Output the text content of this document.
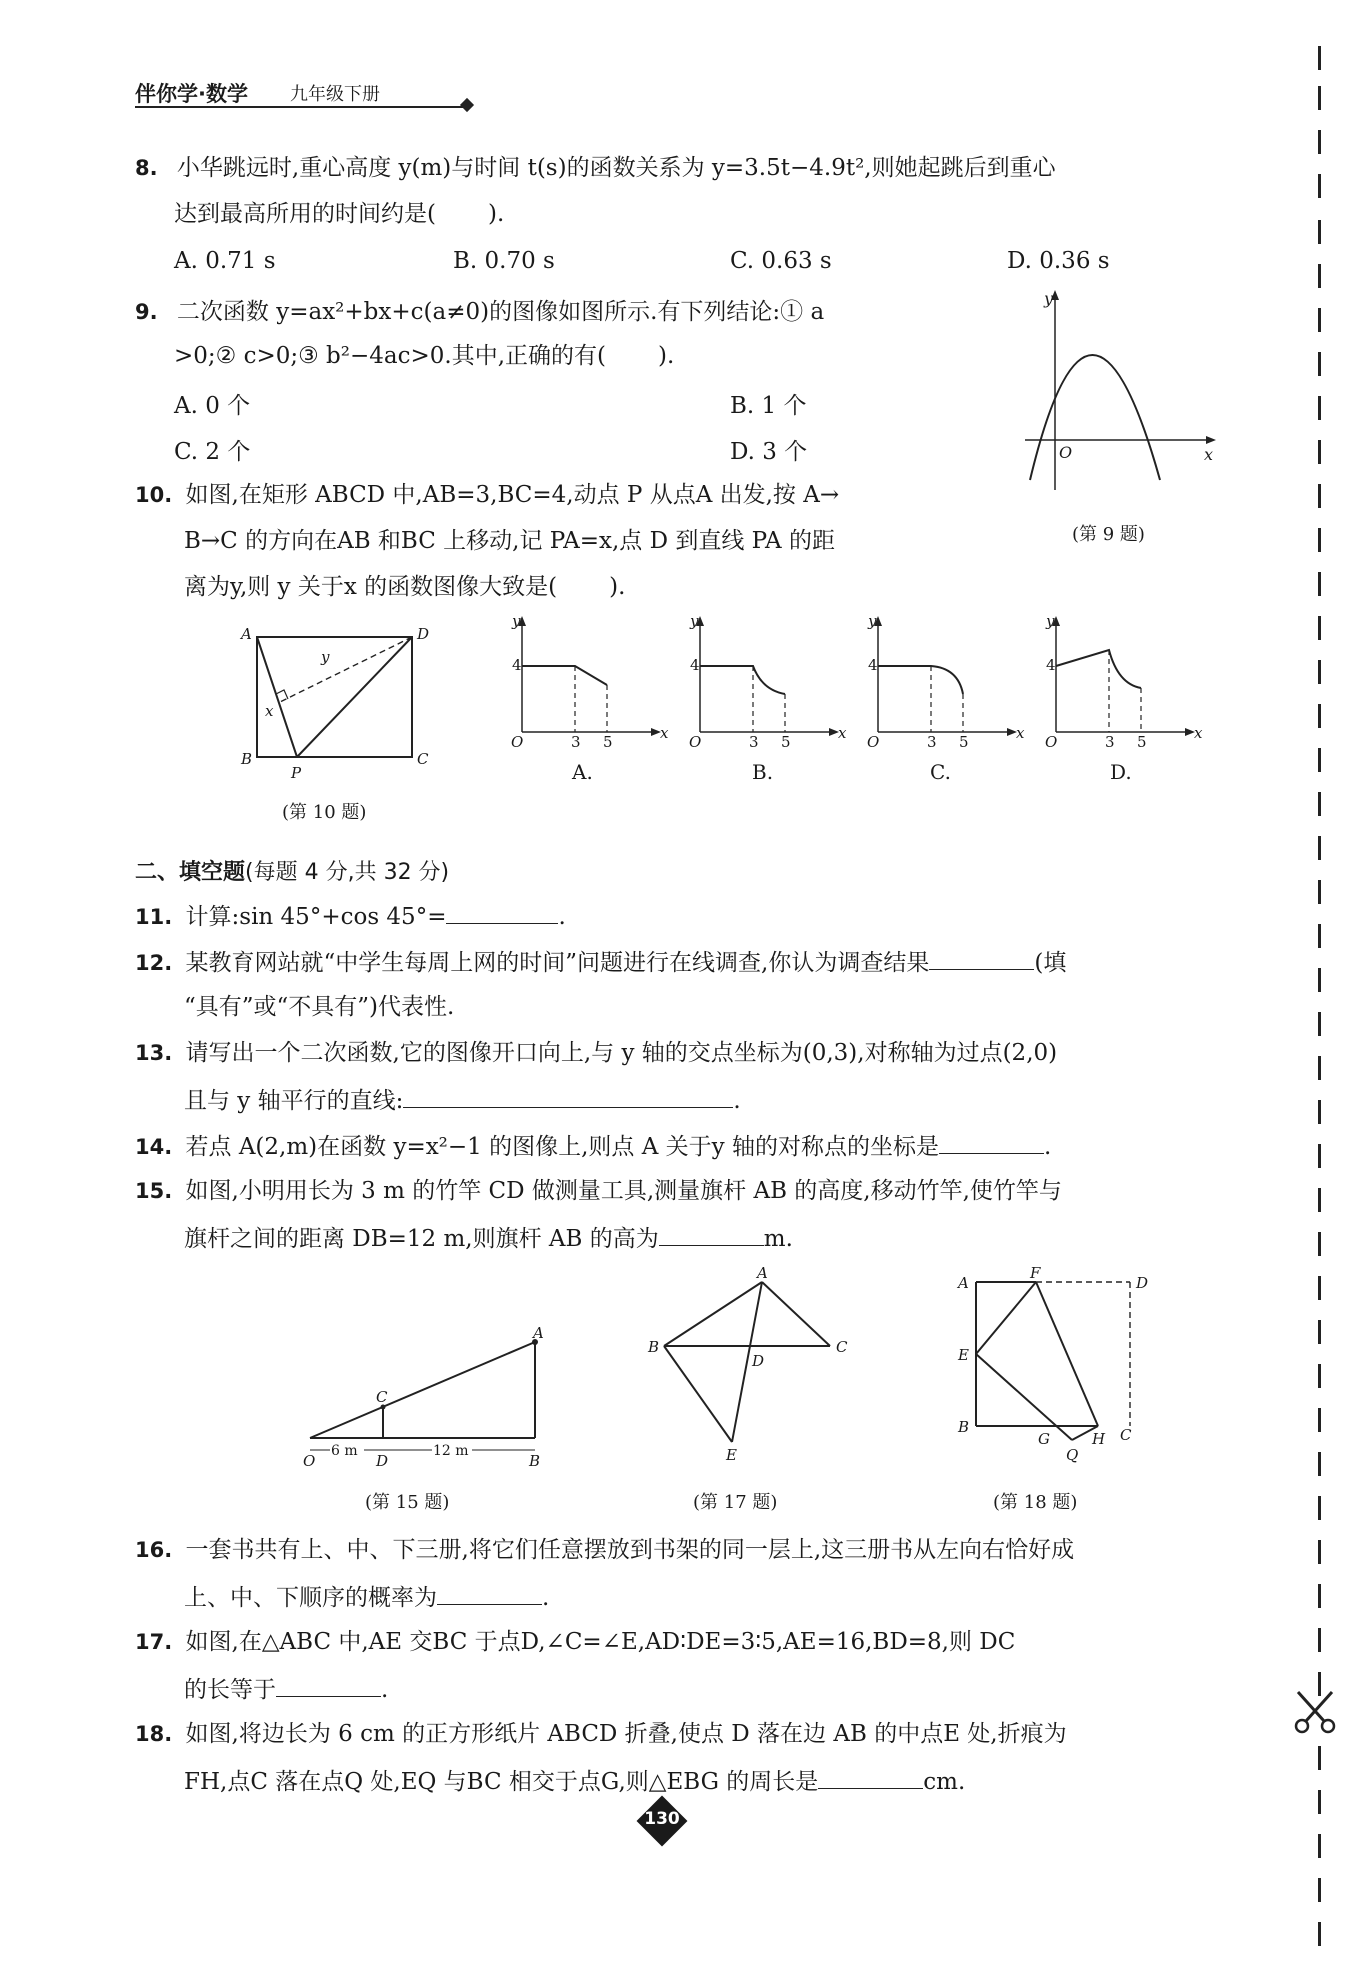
伴你学·数学 九年级下册
8. 小华跳远时,重心高度 y(m)与时间 t(s)的函数关系为 y=3.5t−4.9t²,则她起跳后到重心
达到最高所用的时间约是( ).
A. 0.71 s	B. 0.70 s	C. 0.63 s	D. 0.36 s
9. 二次函数 y=ax²+bx+c(a≠0)的图像如图所示.有下列结论:① a
>0;② c>0;③ b²−4ac>0.其中,正确的有( ).
A. 0 个	B. 1 个
C. 2 个	D. 3 个
y
x
O
(第 9 题)
10. 如图,在矩形 ABCD 中,AB=3,BC=4,动点 P 从点A 出发,按 A→
B→C 的方向在AB 和BC 上移动,记 PA=x,点 D 到直线 PA 的距
离为y,则 y 关于x 的函数图像大致是( ).
A
B	C
D
P
x
y
(第 10 题)
y
x
4
O	3 5
A.
y
x
4
O	3 5
B.
y
x
4
O	3 5
C.
y
x
4
O	3 5
D.
二、填空题(每题 4 分,共 32 分)
11. 计算:sin 45°+cos 45°=	.
12. 某教育网站就“中学生每周上网的时间”问题进行在线调查,你认为调查结果	(填
“具有”或“不具有”)代表性.
13. 请写出一个二次函数,它的图像开口向上,与 y 轴的交点坐标为(0,3),对称轴为过点(2,0)
且与 y 轴平行的直线:	.
14. 若点 A(2,m)在函数 y=x²−1 的图像上,则点 A 关于y 轴的对称点的坐标是	.
15. 如图,小明用长为 3 m 的竹竿 CD 做测量工具,测量旗杆 AB 的高度,移动竹竿,使竹竿与
旗杆之间的距离 DB=12 m,则旗杆 AB 的高为	m.
A
C
O	D	B
6 m	12 m
(第 15 题)
A
B	C
D
E
(第 17 题)
A
F
D
E
B
G	H C
Q
(第 18 题)
16. 一套书共有上、中、下三册,将它们任意摆放到书架的同一层上,这三册书从左向右恰好成
上、中、下顺序的概率为	.
17. 如图,在△ABC 中,AE 交BC 于点D,∠C=∠E,AD∶DE=3∶5,AE=16,BD=8,则 DC
的长等于	.
18. 如图,将边长为 6 cm 的正方形纸片 ABCD 折叠,使点 D 落在边 AB 的中点E 处,折痕为
FH,点C 落在点Q 处,EQ 与BC 相交于点G,则△EBG 的周长是	cm.
130
